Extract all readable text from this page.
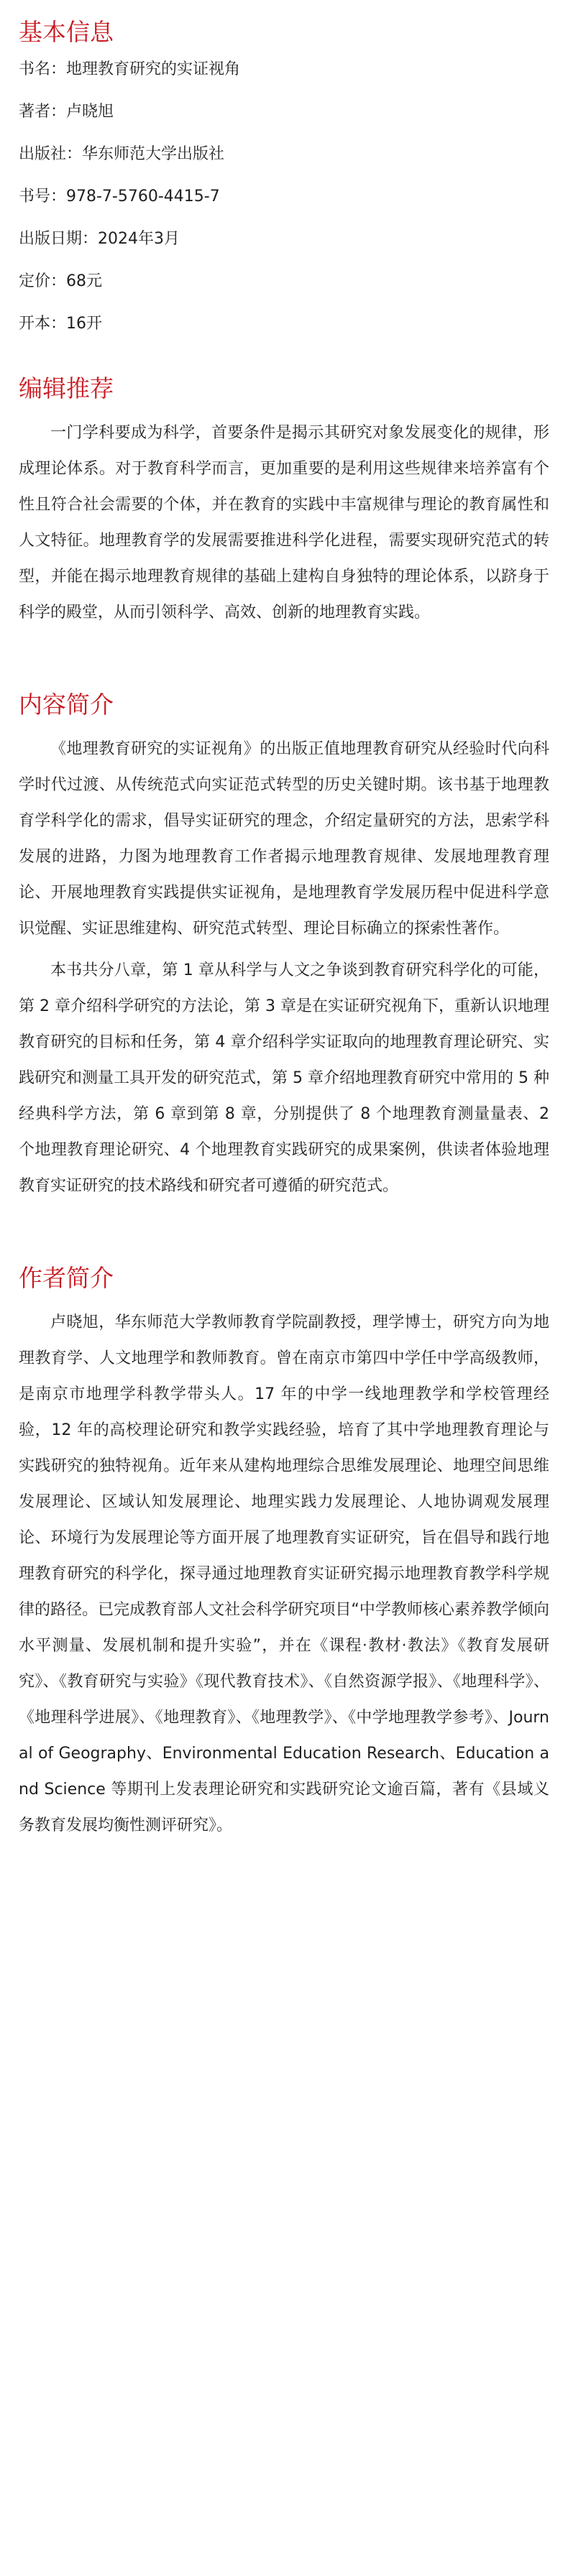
基本信息
书名：地理教育研究的实证视角
著者：卢晓旭
出版社：华东师范大学出版社
书号：978-7-5760-4415-7
出版日期：2024年3月
定价：68元
开本：16开
编辑推荐

一门学科要成为科学，首要条件是揭示其研究对象发展变化的规律，形成理论体系。对于教育科学而言，更加重要的是利用这些规律来培养富有个性且符合社会需要的个体，并在教育的实践中丰富规律与理论的教育属性和人文特征。地理教育学的发展需要推进科学化进程，需要实现研究范式的转型，并能在揭示地理教育规律的基础上建构自身独特的理论体系，以跻身于科学的殿堂，从而引领科学、高效、创新的地理教育实践。

内容简介

《地理教育研究的实证视角》的出版正值地理教育研究从经验时代向科学时代过渡、从传统范式向实证范式转型的历史关键时期。该书基于地理教育学科学化的需求，倡导实证研究的理念，介绍定量研究的方法，思索学科发展的进路，力图为地理教育工作者揭示地理教育规律、发展地理教育理论、开展地理教育实践提供实证视角，是地理教育学发展历程中促进科学意识觉醒、实证思维建构、研究范式转型、理论目标确立的探索性著作。

本书共分八章，第 1 章从科学与人文之争谈到教育研究科学化的可能，第 2 章介绍科学研究的方法论，第 3 章是在实证研究视角下，重新认识地理教育研究的目标和任务，第 4 章介绍科学实证取向的地理教育理论研究、实践研究和测量工具开发的研究范式，第 5 章介绍地理教育研究中常用的 5 种经典科学方法，第 6 章到第 8 章，分别提供了 8 个地理教育测量量表、2 个地理教育理论研究、4 个地理教育实践研究的成果案例，供读者体验地理教育实证研究的技术路线和研究者可遵循的研究范式。

作者简介

卢晓旭，华东师范大学教师教育学院副教授，理学博士，研究方向为地理教育学、人文地理学和教师教育。曾在南京市第四中学任中学高级教师，是南京市地理学科教学带头人。17 年的中学一线地理教学和学校管理经验，12 年的高校理论研究和教学实践经验，培育了其中学地理教育理论与实践研究的独特视角。近年来从建构地理综合思维发展理论、地理空间思维发展理论、区域认知发展理论、地理实践力发展理论、人地协调观发展理论、环境行为发展理论等方面开展了地理教育实证研究，旨在倡导和践行地理教育研究的科学化，探寻通过地理教育实证研究揭示地理教育教学科学规律的路径。已完成教育部人文社会科学研究项目“中学教师核心素养教学倾向水平测量、发展机制和提升实验”，并在《课程·教材·教法》《教育发展研究》、《教育研究与实验》《现代教育技术》、《自然资源学报》、《地理科学》、《地理科学进展》、《地理教育》、《地理教学》、《中学地理教学参考》、Journal of Geography、Environmental Education Research、Education and Science 等期刊上发表理论研究和实践研究论文逾百篇，著有《县域义务教育发展均衡性测评研究》。
